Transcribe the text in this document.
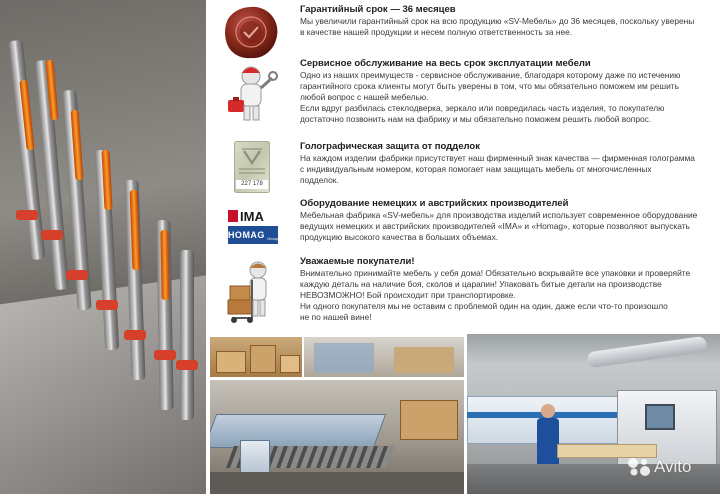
Гарантийный срок — 36 месяцев
Мы увеличили гарантийный срок на всю продукцию «SV-Мебель» до 36 месяцев, поскольку уверены
в качестве нашей продукции и несем полную ответственность за нее.
Сервисное обслуживание на весь срок эксплуатации мебели
Одно из наших преимуществ - сервисное обслуживание, благодаря которому даже по истечению
гарантийного срока клиенты могут быть уверены в том, что мы обязательно поможем им решить
любой вопрос с нашей мебелью.
Если вдруг разбилась стеклодверка, зеркало или повредилась часть изделия, то покупателю
достаточно позвонить нам на фабрику и мы обязательно поможем решить любой вопрос.
227 178
Голографическая защита от подделок
На каждом изделии фабрики присутствует наш фирменный знак качества — фирменная голограмма
с индивидуальным номером, которая помогает нам защищать мебель от многочисленных
подделок.
IMA
HOMAG Group
Оборудование немецких и австрийских производителей
Мебельная фабрика «SV-мебель» для производства изделий использует современное оборудование
ведущих немецких и австрийских производителей «IMA» и «Homag», которые позволяют выпускать
продукцию высокого качества в больших объемах.
Уважаемые покупатели!
Внимательно принимайте мебель у себя дома! Обязательно вскрывайте все упаковки и проверяйте
каждую деталь на наличие боя, сколов и царапин! Упаковать битые детали на производстве
НЕВОЗМОЖНО! Бой происходит при транспортировке.
Ни одного покупателя мы не оставим с проблемой один на один, даже если что-то произошло
не по нашей вине!
Avito
